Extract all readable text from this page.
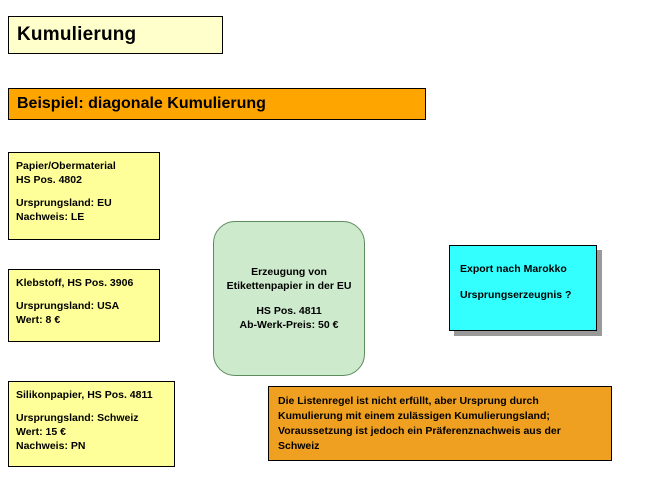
Kumulierung
Beispiel: diagonale Kumulierung
Papier/Obermaterial
HS Pos. 4802
Ursprungsland: EU
Nachweis: LE
Klebstoff, HS Pos. 3906
Ursprungsland: USA
Wert: 8 €
Silikonpapier, HS Pos. 4811
Ursprungsland: Schweiz
Wert: 15 €
Nachweis: PN
Erzeugung von
Etikettenpapier in der EU
HS Pos. 4811
Ab-Werk-Preis: 50 €
Export nach Marokko
Ursprungserzeugnis ?
Die Listenregel ist nicht erfüllt, aber Ursprung durch Kumulierung mit einem zulässigen Kumulierungsland; Voraussetzung ist jedoch ein Präferenznachweis aus der Schweiz
